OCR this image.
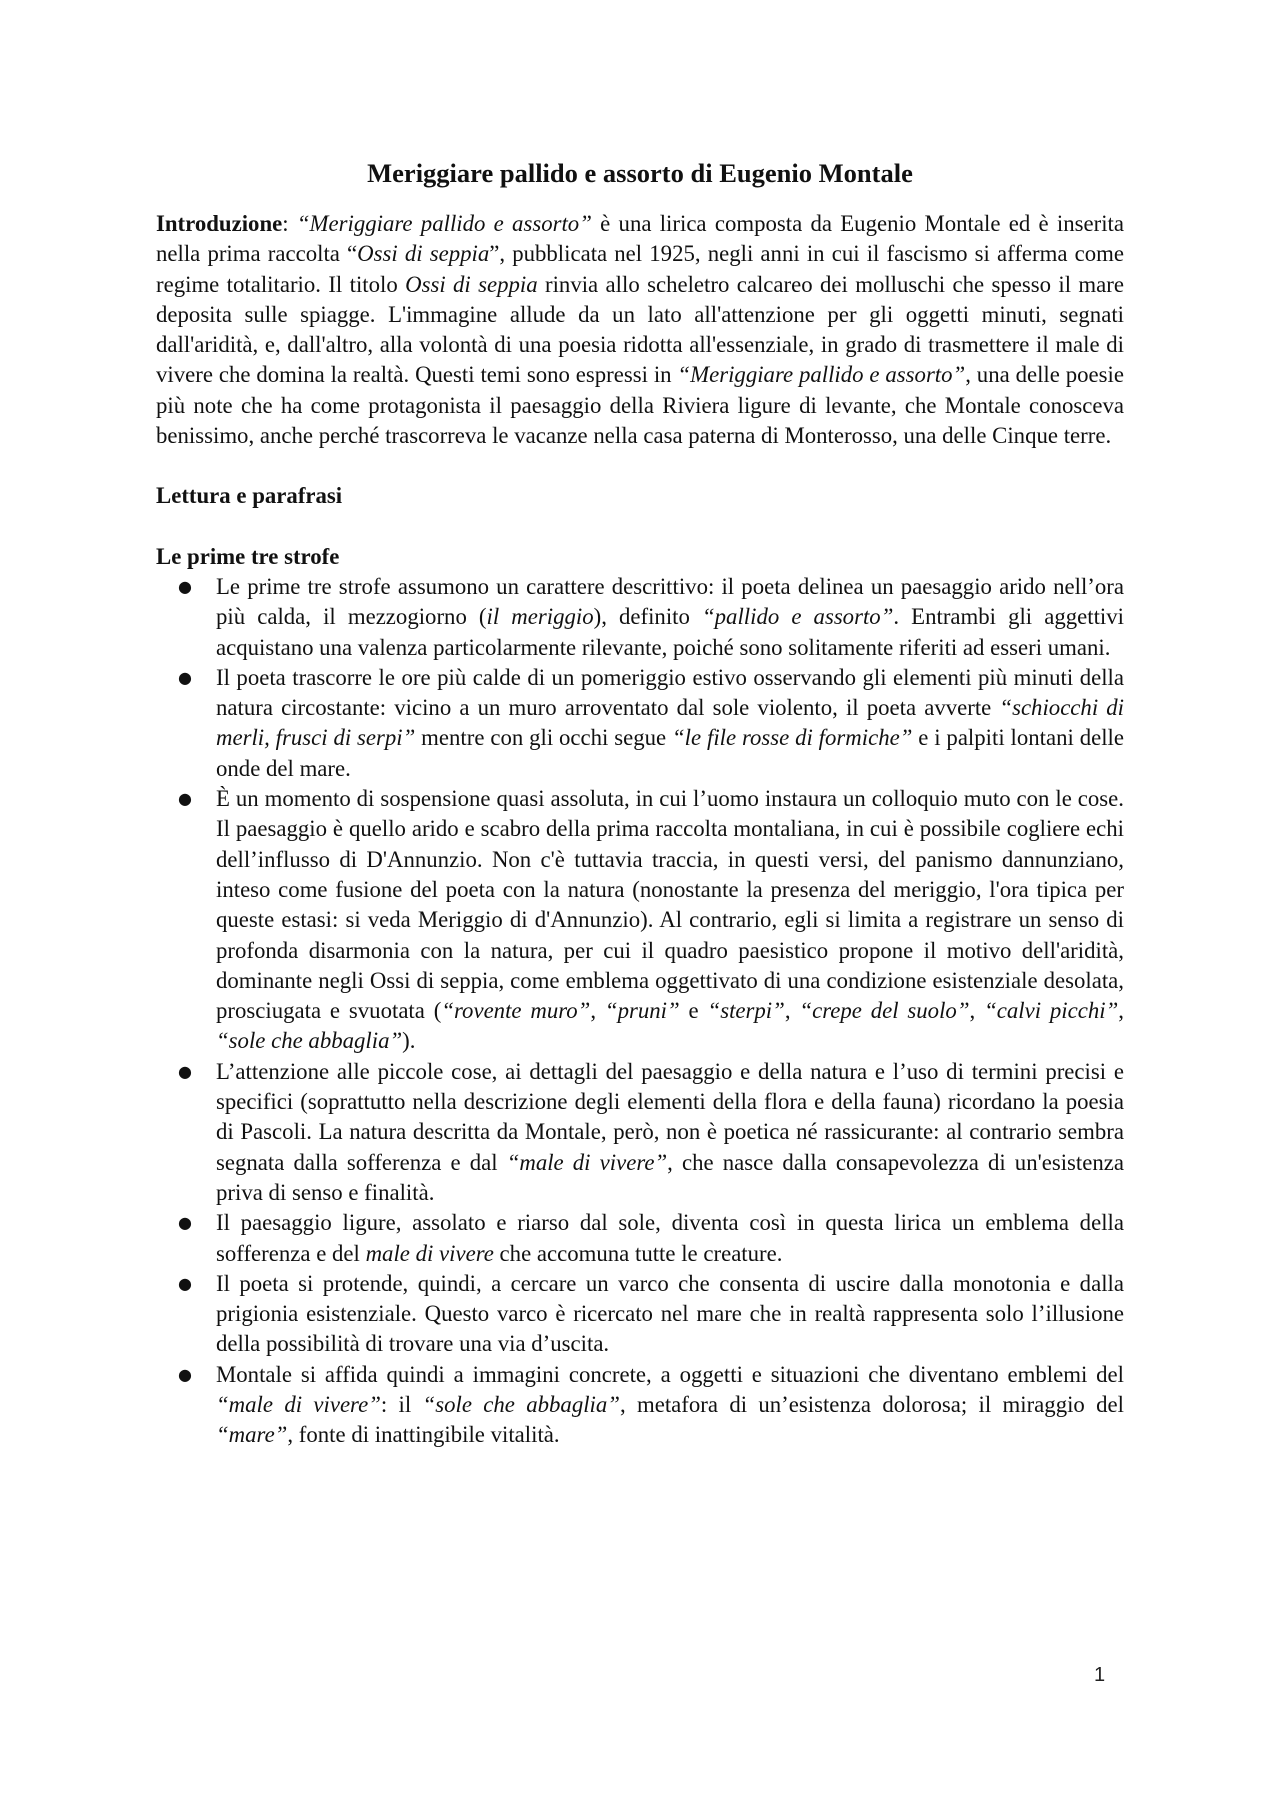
Meriggiare pallido e assorto di Eugenio Montale

Introduzione: “Meriggiare pallido e assorto” è una lirica composta da Eugenio Montale ed è inserita nella prima raccolta “Ossi di seppia”, pubblicata nel 1925, negli anni in cui il fascismo si afferma come regime totalitario. Il titolo Ossi di seppia rinvia allo scheletro calcareo dei molluschi che spesso il mare deposita sulle spiagge. L'immagine allude da un lato all'attenzione per gli oggetti minuti, segnati dall'aridità, e, dall'altro, alla volontà di una poesia ridotta all'essenziale, in grado di trasmettere il male di vivere che domina la realtà. Questi temi sono espressi in “Meriggiare pallido e assorto”, una delle poesie più note che ha come protagonista il paesaggio della Riviera ligure di levante, che Montale conosceva benissimo, anche perché trascorreva le vacanze nella casa paterna di Monterosso, una delle Cinque terre.

Lettura e parafrasi

Le prime tre strofe

● Le prime tre strofe assumono un carattere descrittivo: il poeta delinea un paesaggio arido nell’ora più calda, il mezzogiorno (il meriggio), definito “pallido e assorto”. Entrambi gli aggettivi acquistano una valenza particolarmente rilevante, poiché sono solitamente riferiti ad esseri umani.
● Il poeta trascorre le ore più calde di un pomeriggio estivo osservando gli elementi più minuti della natura circostante: vicino a un muro arroventato dal sole violento, il poeta avverte “schiocchi di merli, frusci di serpi” mentre con gli occhi segue “le file rosse di formiche” e i palpiti lontani delle onde del mare.
● È un momento di sospensione quasi assoluta, in cui l’uomo instaura un colloquio muto con le cose. Il paesaggio è quello arido e scabro della prima raccolta montaliana, in cui è possibile cogliere echi dell’influsso di D'Annunzio. Non c'è tuttavia traccia, in questi versi, del panismo dannunziano, inteso come fusione del poeta con la natura (nonostante la presenza del meriggio, l'ora tipica per queste estasi: si veda Meriggio di d'Annunzio). Al contrario, egli si limita a registrare un senso di profonda disarmonia con la natura, per cui il quadro paesistico propone il motivo dell'aridità, dominante negli Ossi di seppia, come emblema oggettivato di una condizione esistenziale desolata, prosciugata e svuotata (“rovente muro”, “pruni” e “sterpi”, “crepe del suolo”, “calvi picchi”, “sole che abbaglia”).
● L’attenzione alle piccole cose, ai dettagli del paesaggio e della natura e l’uso di termini precisi e specifici (soprattutto nella descrizione degli elementi della flora e della fauna) ricordano la poesia di Pascoli. La natura descritta da Montale, però, non è poetica né rassicurante: al contrario sembra segnata dalla sofferenza e dal “male di vivere”, che nasce dalla consapevolezza di un'esistenza priva di senso e finalità.
● Il paesaggio ligure, assolato e riarso dal sole, diventa così in questa lirica un emblema della sofferenza e del male di vivere che accomuna tutte le creature.
● Il poeta si protende, quindi, a cercare un varco che consenta di uscire dalla monotonia e dalla prigionia esistenziale. Questo varco è ricercato nel mare che in realtà rappresenta solo l’illusione della possibilità di trovare una via d’uscita.
● Montale si affida quindi a immagini concrete, a oggetti e situazioni che diventano emblemi del “male di vivere”: il “sole che abbaglia”, metafora di un’esistenza dolorosa; il miraggio del “mare”, fonte di inattingibile vitalità.
1
